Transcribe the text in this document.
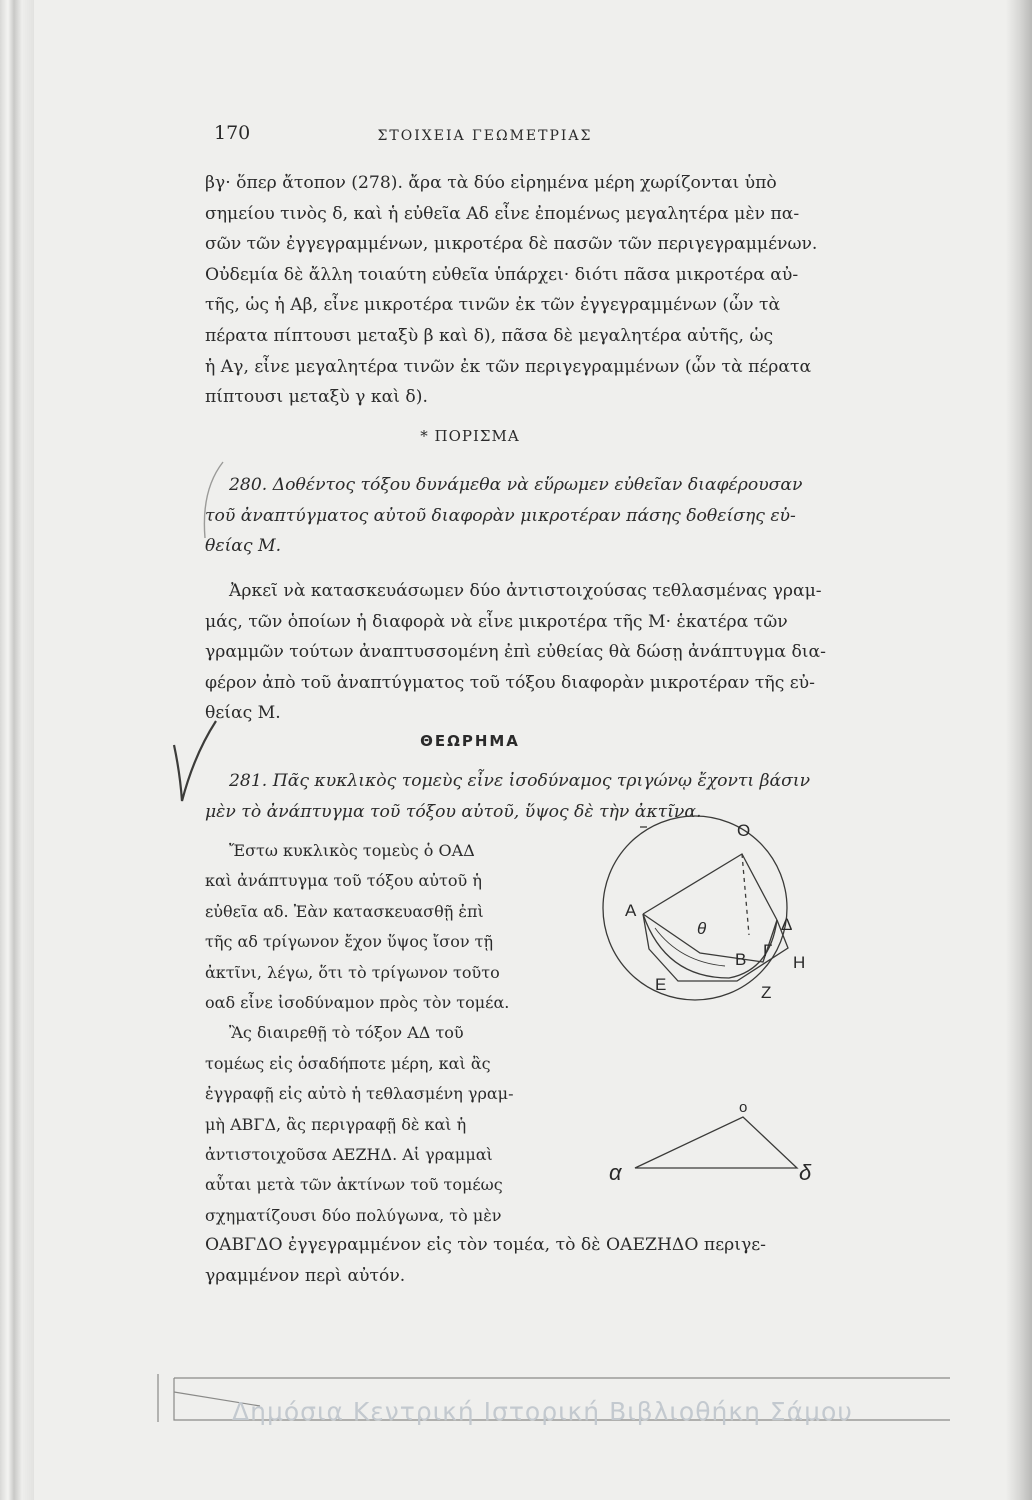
170	ΣΤΟΙΧΕΙΑ ΓΕΩΜΕΤΡΙΑΣ
βγ· ὅπερ ἄτοπον (278). ἄρα τὰ δύο εἰρημένα μέρη χωρίζονται ὑπὸ
σημείου τινὸς δ, καὶ ἡ εὐθεῖα Αδ εἶνε ἐπομένως μεγαλητέρα μὲν πα-
σῶν τῶν ἐγγεγραμμένων, μικροτέρα δὲ πασῶν τῶν περιγεγραμμένων.
Οὐδεμία δὲ ἄλλη τοιαύτη εὐθεῖα ὑπάρχει· διότι πᾶσα μικροτέρα αὐ-
τῆς, ὡς ἡ Αβ, εἶνε μικροτέρα τινῶν ἐκ τῶν ἐγγεγραμμένων (ὧν τὰ
πέρατα πίπτουσι μεταξὺ β καὶ δ), πᾶσα δὲ μεγαλητέρα αὐτῆς, ὡς
ἡ Αγ, εἶνε μεγαλητέρα τινῶν ἐκ τῶν περιγεγραμμένων (ὧν τὰ πέρατα
πίπτουσι μεταξὺ γ καὶ δ).
* ΠΟΡΙΣΜΑ
280. Δοθέντος τόξου δυνάμεθα νὰ εὕρωμεν εὐθεῖαν διαφέρουσαν
τοῦ ἀναπτύγματος αὐτοῦ διαφορὰν μικροτέραν πάσης δοθείσης εὐ-
θείας Μ.
Ἀρκεῖ νὰ κατασκευάσωμεν δύο ἀντιστοιχούσας τεθλασμένας γραμ-
μάς, τῶν ὁποίων ἡ διαφορὰ νὰ εἶνε μικροτέρα τῆς Μ· ἑκατέρα τῶν
γραμμῶν τούτων ἀναπτυσσομένη ἐπὶ εὐθείας θὰ δώσῃ ἀνάπτυγμα δια-
φέρον ἀπὸ τοῦ ἀναπτύγματος τοῦ τόξου διαφορὰν μικροτέραν τῆς εὐ-
θείας Μ.
ΘΕΩΡΗΜΑ
281. Πᾶς κυκλικὸς τομεὺς εἶνε ἰσοδύναμος τριγώνῳ ἔχοντι βάσιν
μὲν τὸ ἀνάπτυγμα τοῦ τόξου αὐτοῦ, ὕψος δὲ τὴν ἀκτῖνα.
Ἔστω κυκλικὸς τομεὺς ὁ ΟΑΔ
καὶ ἀνάπτυγμα τοῦ τόξου αὐτοῦ ἡ
εὐθεῖα αδ. Ἐὰν κατασκευασθῇ ἐπὶ
τῆς αδ τρίγωνον ἔχον ὕψος ἴσον τῇ
ἀκτῖνι, λέγω, ὅτι τὸ τρίγωνον τοῦτο
οαδ εἶνε ἰσοδύναμον πρὸς τὸν τομέα.
Ἂς διαιρεθῇ τὸ τόξον ΑΔ τοῦ
τομέως εἰς ὁσαδήποτε μέρη, καὶ ἂς
ἐγγραφῇ εἰς αὐτὸ ἡ τεθλασμένη γραμ-
μὴ ΑΒΓΔ, ἂς περιγραφῇ δὲ καὶ ἡ
ἀντιστοιχοῦσα ΑΕΖΗΔ. Αἱ γραμμαὶ
αὗται μετὰ τῶν ἀκτίνων τοῦ τομέως
σχηματίζουσι δύο πολύγωνα, τὸ μὲν
O
A
Δ
B Γ
H
E	Z
θ
o
α	δ
ΟΑΒΓΔΟ ἐγγεγραμμένον εἰς τὸν τομέα, τὸ δὲ ΟΑΕΖΗΔΟ περιγε-
γραμμένον περὶ αὐτόν.
Δημόσια Κεντρική Ιστορική Βιβλιοθήκη Σάμου
